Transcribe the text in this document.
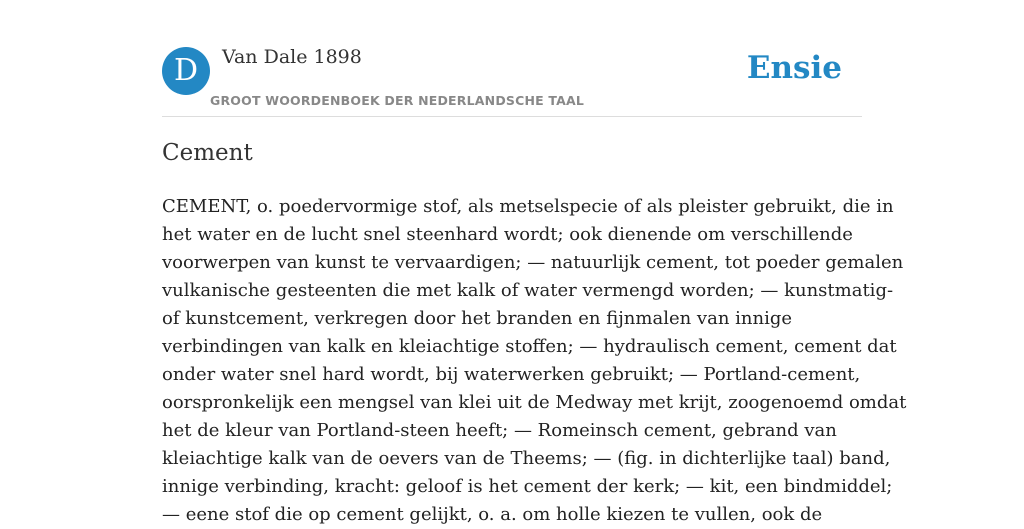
D	Van Dale 1898
GROOT WOORDENBOEK DER NEDERLANDSCHE TAAL
Ensie
Cement
CEMENT, o. poedervormige stof, als metselspecie of als pleister gebruikt, die in
het water en de lucht snel steenhard wordt; ook dienende om verschillende
voorwerpen van kunst te vervaardigen; — natuurlijk cement, tot poeder gemalen
vulkanische gesteenten die met kalk of water vermengd worden; — kunstmatig-
of kunstcement, verkregen door het branden en fijnmalen van innige
verbindingen van kalk en kleiachtige stoffen; — hydraulisch cement, cement dat
onder water snel hard wordt, bij waterwerken gebruikt; — Portland-cement,
oorspronkelijk een mengsel van klei uit de Medway met krijt, zoogenoemd omdat
het de kleur van Portland-steen heeft; — Romeinsch cement, gebrand van
kleiachtige kalk van de oevers van de Theems; — (fig. in dichterlijke taal) band,
innige verbinding, kracht: geloof is het cement der kerk; — kit, een bindmiddel;
— eene stof die op cement gelijkt, o. a. om holle kiezen te vullen, ook de
